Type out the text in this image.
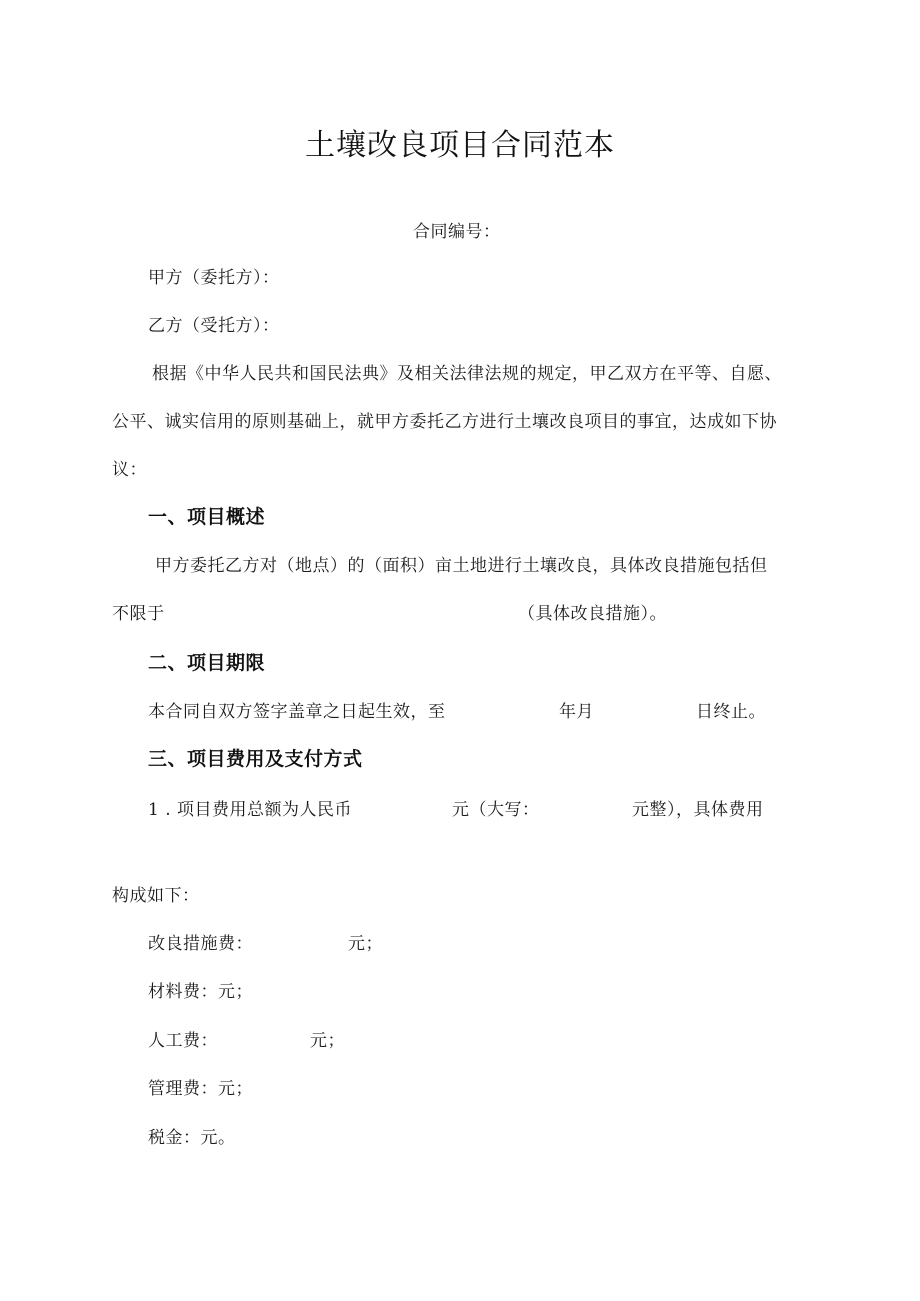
土壤改良项目合同范本
合同编号：
甲方（委托方）：
乙方（受托方）：
根据《中华人民共和国民法典》及相关法律法规的规定，甲乙双方在平等、自愿、
公平、诚实信用的原则基础上，就甲方委托乙方进行土壤改良项目的事宜，达成如下协
议：
一、项目概述
甲方委托乙方对（地点）的（面积）亩土地进行土壤改良，具体改良措施包括但
不限于	（具体改良措施）。
二、项目期限
本合同自双方签字盖章之日起生效，至	年月	日终止。
三、项目费用及支付方式
1 . 项目费用总额为人民币	元（大写：	元整），具体费用
构成如下：
改良措施费：	元；
材料费：元；
人工费：	元；
管理费：元；
税金：元。
